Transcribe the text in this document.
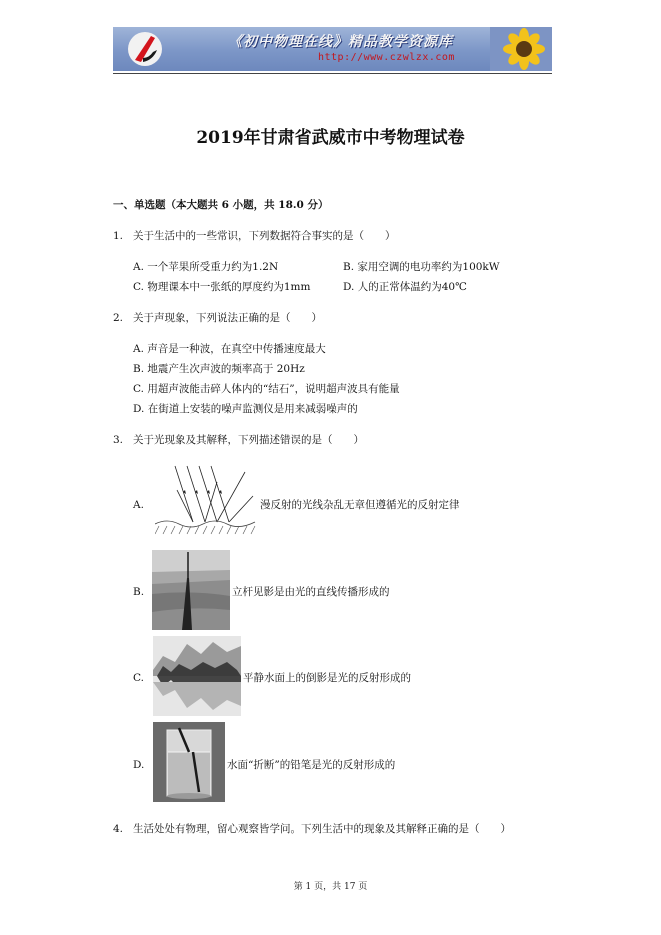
《初中物理在线》精品教学资源库
http://www.czwlzx.com
2019年甘肃省武威市中考物理试卷
一、单选题（本大题共 6 小题，共 18.0 分）
1. 关于生活中的一些常识，下列数据符合事实的是（　　）
A. 一个苹果所受重力约为1.2N	B. 家用空调的电功率约为100kW
C. 物理课本中一张纸的厚度约为1mm	D. 人的正常体温约为40℃
2. 关于声现象，下列说法正确的是（　　）
A. 声音是一种波，在真空中传播速度最大
B. 地震产生次声波的频率高于 20Hz
C. 用超声波能击碎人体内的“结石”，说明超声波具有能量
D. 在街道上安装的噪声监测仪是用来减弱噪声的
3. 关于光现象及其解释，下列描述错误的是（　　）
A.	漫反射的光线杂乱无章但遵循光的反射定律
B.	立杆见影是由光的直线传播形成的
C.	平静水面上的倒影是光的反射形成的
D.	水面“折断”的铅笔是光的反射形成的
4. 生活处处有物理，留心观察皆学问。下列生活中的现象及其解释正确的是（　　）
第 1 页，共 17 页
